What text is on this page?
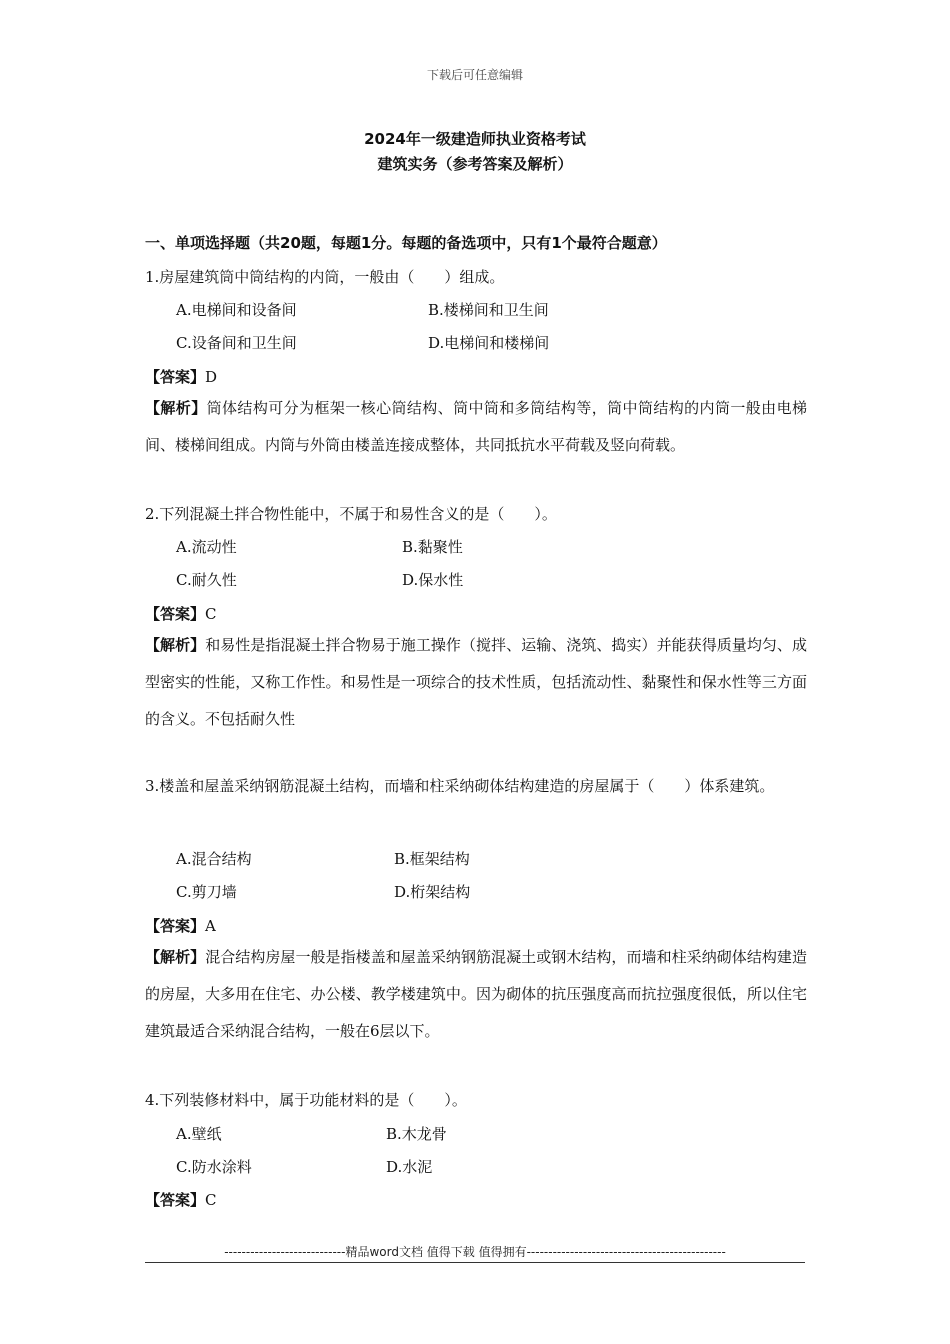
下载后可任意编辑
2024年一级建造师执业资格考试
建筑实务（参考答案及解析）
一、单项选择题（共20题，每题1分。每题的备选项中，只有1个最符合题意）
1.房屋建筑筒中筒结构的内筒，一般由（　　）组成。
A.电梯间和设备间	B.楼梯间和卫生间
C.设备间和卫生间	D.电梯间和楼梯间
【答案】D
【解析】筒体结构可分为框架一核心筒结构、筒中筒和多筒结构等，筒中筒结构的内筒一般由电梯间、楼梯间组成。内筒与外筒由楼盖连接成整体，共同抵抗水平荷载及竖向荷载。
2.下列混凝土拌合物性能中，不属于和易性含义的是（　　）。
A.流动性	B.黏聚性
C.耐久性	D.保水性
【答案】C
【解析】和易性是指混凝土拌合物易于施工操作（搅拌、运输、浇筑、捣实）并能获得质量均匀、成型密实的性能，又称工作性。和易性是一项综合的技术性质，包括流动性、黏聚性和保水性等三方面的含义。不包括耐久性
3.楼盖和屋盖采纳钢筋混凝土结构，而墙和柱采纳砌体结构建造的房屋属于（　　）体系建筑。
A.混合结构	B.框架结构
C.剪刀墙	D.桁架结构
【答案】A
【解析】混合结构房屋一般是指楼盖和屋盖采纳钢筋混凝土或钢木结构，而墙和柱采纳砌体结构建造的房屋，大多用在住宅、办公楼、教学楼建筑中。因为砌体的抗压强度高而抗拉强度很低，所以住宅建筑最适合采纳混合结构，一般在6层以下。
4.下列装修材料中，属于功能材料的是（　　）。
A.壁纸	B.木龙骨
C.防水涂料	D.水泥
【答案】C
----------------------------精品word文档 值得下载 值得拥有----------------------------------------------
